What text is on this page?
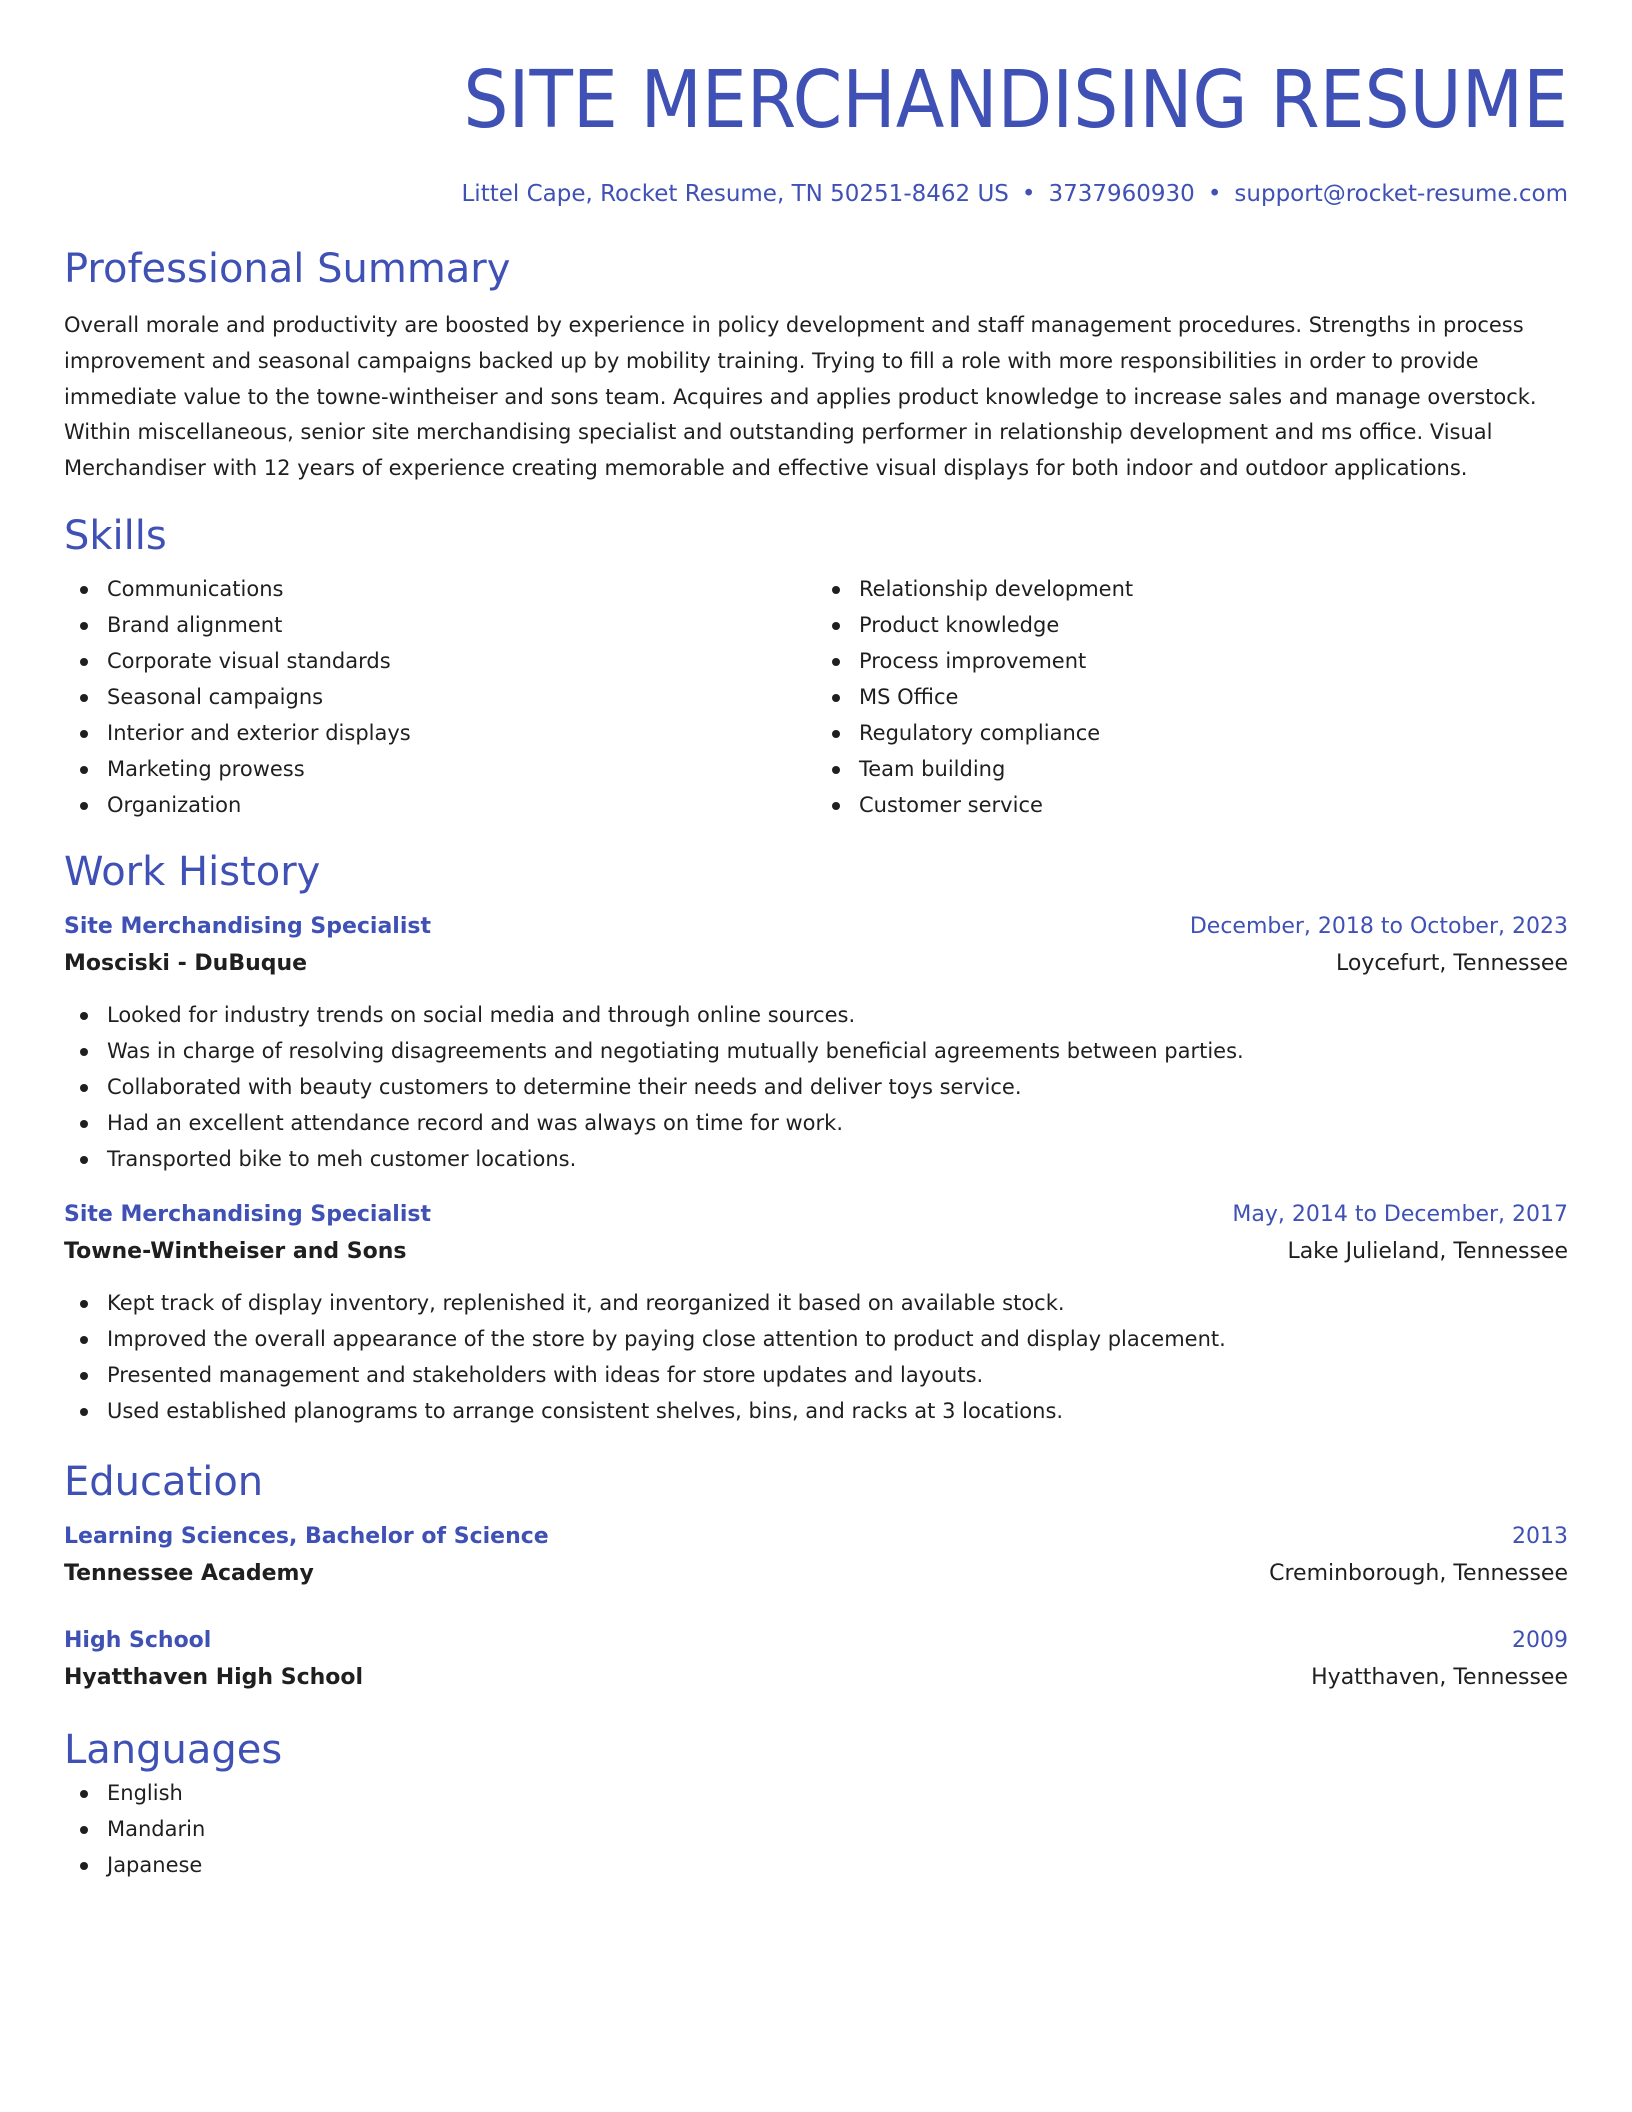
SITE MERCHANDISING RESUME
Littel Cape, Rocket Resume, TN 50251-8462 US • 3737960930 • support@rocket-resume.com
Professional Summary

Overall morale and productivity are boosted by experience in policy development and staff management procedures. Strengths in process improvement and seasonal campaigns backed up by mobility training. Trying to fill a role with more responsibilities in order to provide immediate value to the towne-wintheiser and sons team. Acquires and applies product knowledge to increase sales and manage overstock. Within miscellaneous, senior site merchandising specialist and outstanding performer in relationship development and ms office. Visual Merchandiser with 12 years of experience creating memorable and effective visual displays for both indoor and outdoor applications.

Skills
Communications
Brand alignment
Corporate visual standards
Seasonal campaigns
Interior and exterior displays
Marketing prowess
Organization
Relationship development
Product knowledge
Process improvement
MS Office
Regulatory compliance
Team building
Customer service
Work History
Site Merchandising Specialist	December, 2018 to October, 2023
Mosciski - DuBuque	Loycefurt, Tennessee
Looked for industry trends on social media and through online sources.
Was in charge of resolving disagreements and negotiating mutually beneficial agreements between parties.
Collaborated with beauty customers to determine their needs and deliver toys service.
Had an excellent attendance record and was always on time for work.
Transported bike to meh customer locations.
Site Merchandising Specialist	May, 2014 to December, 2017
Towne-Wintheiser and Sons	Lake Julieland, Tennessee
Kept track of display inventory, replenished it, and reorganized it based on available stock.
Improved the overall appearance of the store by paying close attention to product and display placement.
Presented management and stakeholders with ideas for store updates and layouts.
Used established planograms to arrange consistent shelves, bins, and racks at 3 locations.
Education
Learning Sciences, Bachelor of Science	2013
Tennessee Academy	Creminborough, Tennessee
High School	2009
Hyatthaven High School	Hyatthaven, Tennessee
Languages
English
Mandarin
Japanese
